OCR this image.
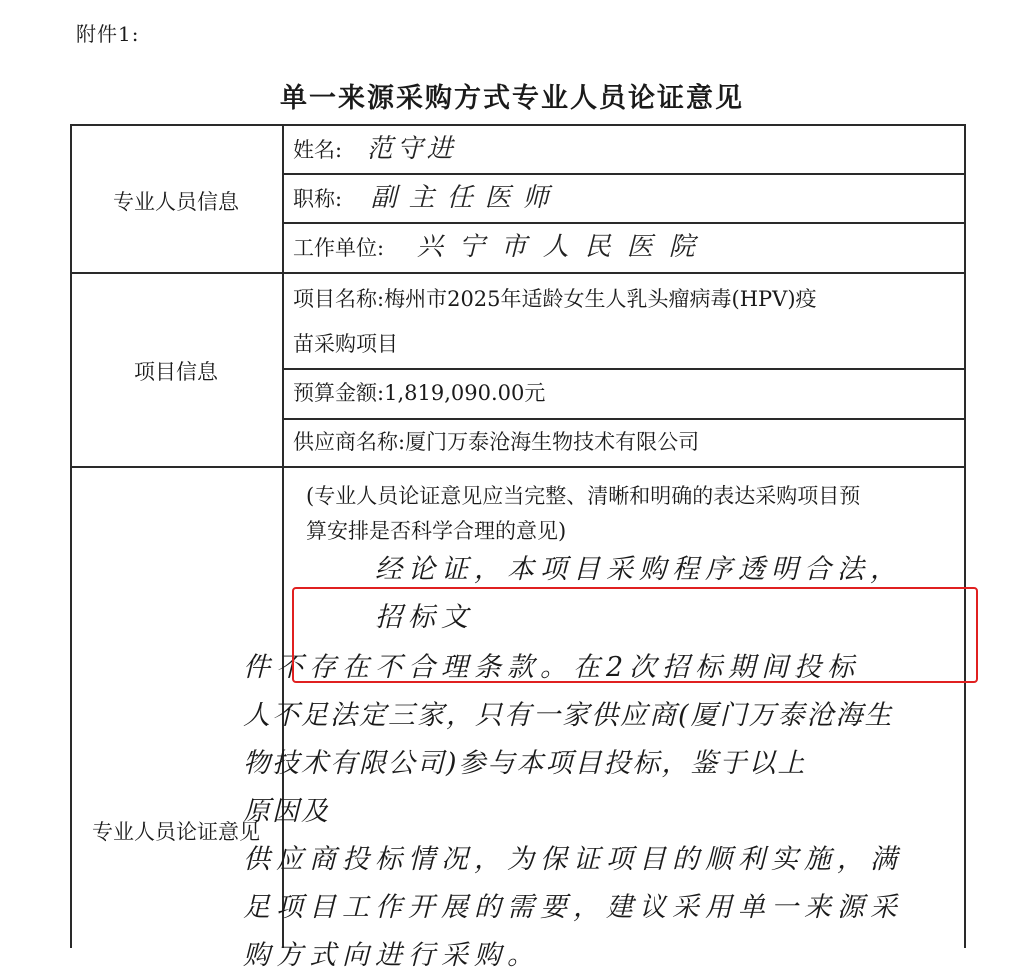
附件1:
单一来源采购方式专业人员论证意见
专业人员信息
姓名: 范守进
职称: 副主任医师
工作单位: 兴宁市人民医院
项目信息
项目名称:梅州市2025年适龄女生人乳头瘤病毒(HPV)疫
苗采购项目
预算金额:1,819,090.00元
供应商名称:厦门万泰沧海生物技术有限公司
专业人员论证意见
(专业人员论证意见应当完整、清晰和明确的表达采购项目预
算安排是否科学合理的意见)
经论证，本项目采购程序透明合法，招标文
件不存在不合理条款。在2次招标期间投标
人不足法定三家，只有一家供应商(厦门万泰沧海生
物技术有限公司)参与本项目投标，鉴于以上原因及
供应商投标情况，为保证项目的顺利实施，满
足项目工作开展的需要，建议采用单一来源采
购方式向进行采购。
